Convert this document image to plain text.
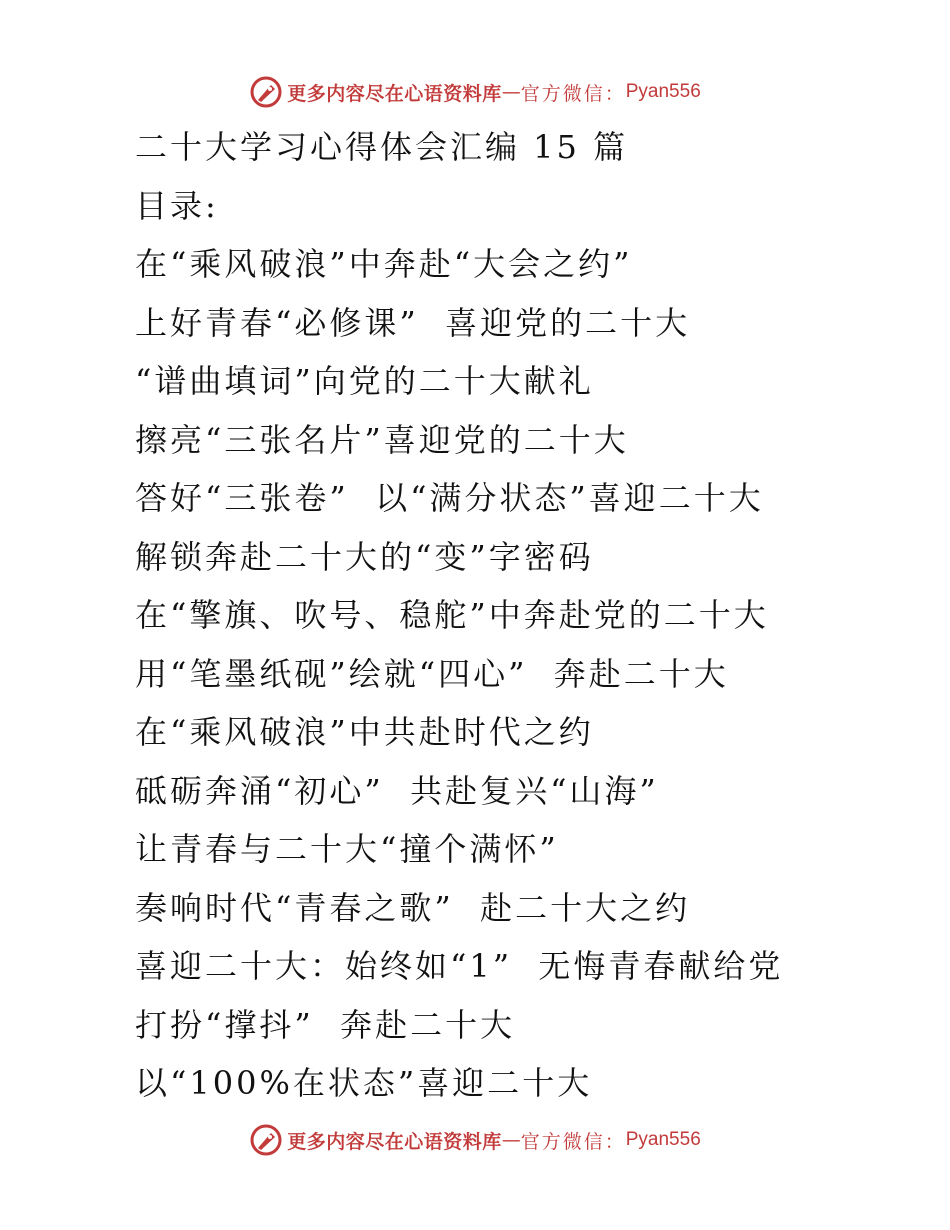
更多内容尽在心语资料库 — 官方微信： Pyan556
二十大学习心得体会汇编 15 篇
目录:
在“乘风破浪”中奔赴“大会之约”
上好青春“必修课”  喜迎党的二十大
“谱曲填词”向党的二十大献礼
擦亮“三张名片”喜迎党的二十大
答好“三张卷”  以“满分状态”喜迎二十大
解锁奔赴二十大的“变”字密码
在“擎旗、吹号、稳舵”中奔赴党的二十大
用“笔墨纸砚”绘就“四心”  奔赴二十大
在“乘风破浪”中共赴时代之约
砥砺奔涌“初心”  共赴复兴“山海”
让青春与二十大“撞个满怀”
奏响时代“青春之歌”  赴二十大之约
喜迎二十大：始终如“1”  无悔青春献给党
打扮“撑抖”  奔赴二十大
以“100%在状态”喜迎二十大
更多内容尽在心语资料库 — 官方微信： Pyan556
